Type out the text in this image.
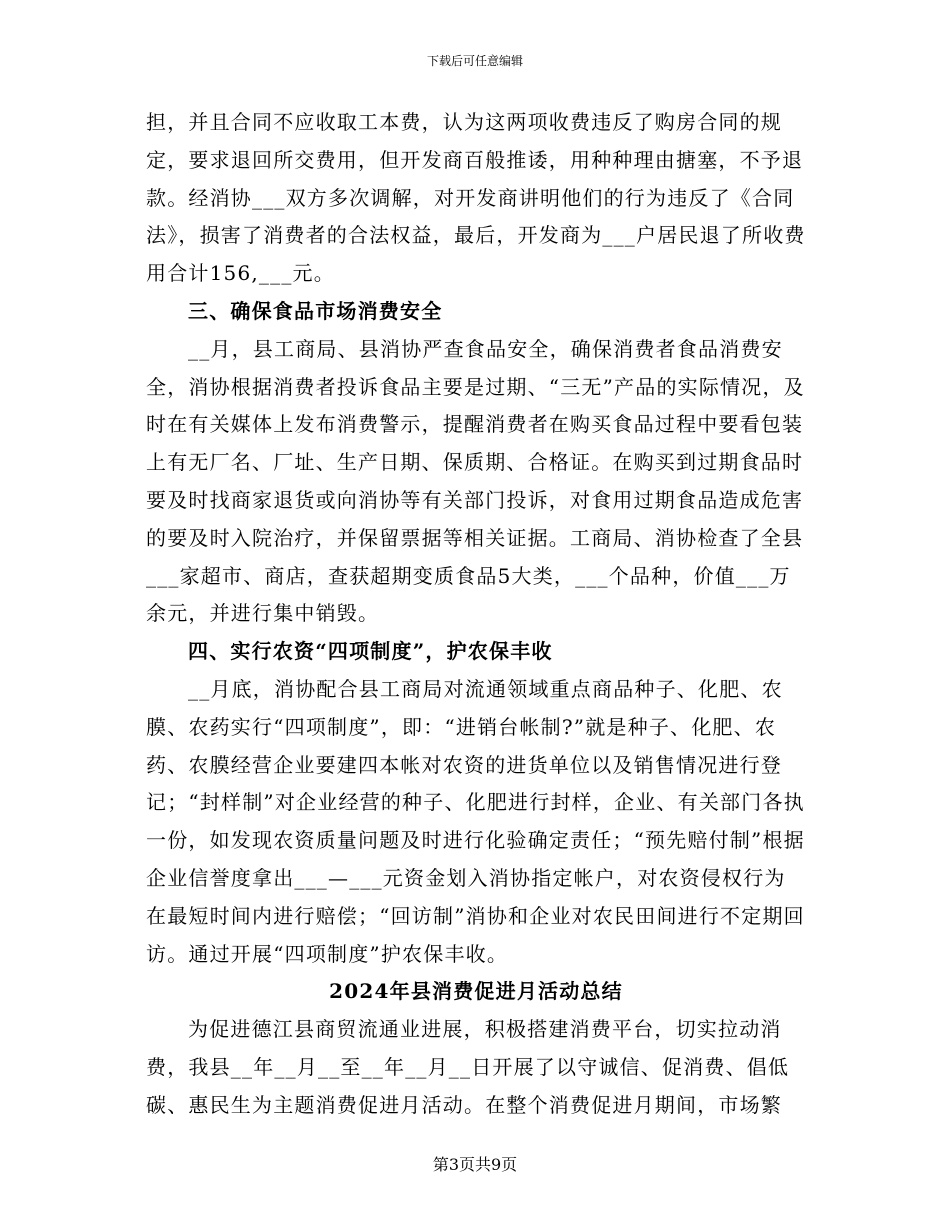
下载后可任意编辑

担，并且合同不应收取工本费，认为这两项收费违反了购房合同的规定，要求退回所交费用，但开发商百般推诿，用种种理由搪塞，不予退款。经消协___双方多次调解，对开发商讲明他们的行为违反了《合同法》，损害了消费者的合法权益，最后，开发商为___户居民退了所收费用合计156,___元。

三、确保食品市场消费安全

__月，县工商局、县消协严查食品安全，确保消费者食品消费安全，消协根据消费者投诉食品主要是过期、“三无”产品的实际情况，及时在有关媒体上发布消费警示，提醒消费者在购买食品过程中要看包装上有无厂名、厂址、生产日期、保质期、合格证。在购买到过期食品时要及时找商家退货或向消协等有关部门投诉，对食用过期食品造成危害的要及时入院治疗，并保留票据等相关证据。工商局、消协检查了全县___家超市、商店，查获超期变质食品5大类，___个品种，价值___万余元，并进行集中销毁。

四、实行农资“四项制度”，护农保丰收

__月底，消协配合县工商局对流通领域重点商品种子、化肥、农膜、农药实行“四项制度”，即：“进销台帐制?”就是种子、化肥、农药、农膜经营企业要建四本帐对农资的进货单位以及销售情况进行登记；“封样制”对企业经营的种子、化肥进行封样，企业、有关部门各执一份，如发现农资质量问题及时进行化验确定责任；“预先赔付制”根据企业信誉度拿出___—___元资金划入消协指定帐户，对农资侵权行为在最短时间内进行赔偿；“回访制”消协和企业对农民田间进行不定期回访。通过开展“四项制度”护农保丰收。

2024年县消费促进月活动总结

为促进德江县商贸流通业进展，积极搭建消费平台，切实拉动消费，我县__年__月__至__年__月__日开展了以守诚信、促消费、倡低碳、惠民生为主题消费促进月活动。在整个消费促进月期间，市场繁

第3页共9页
